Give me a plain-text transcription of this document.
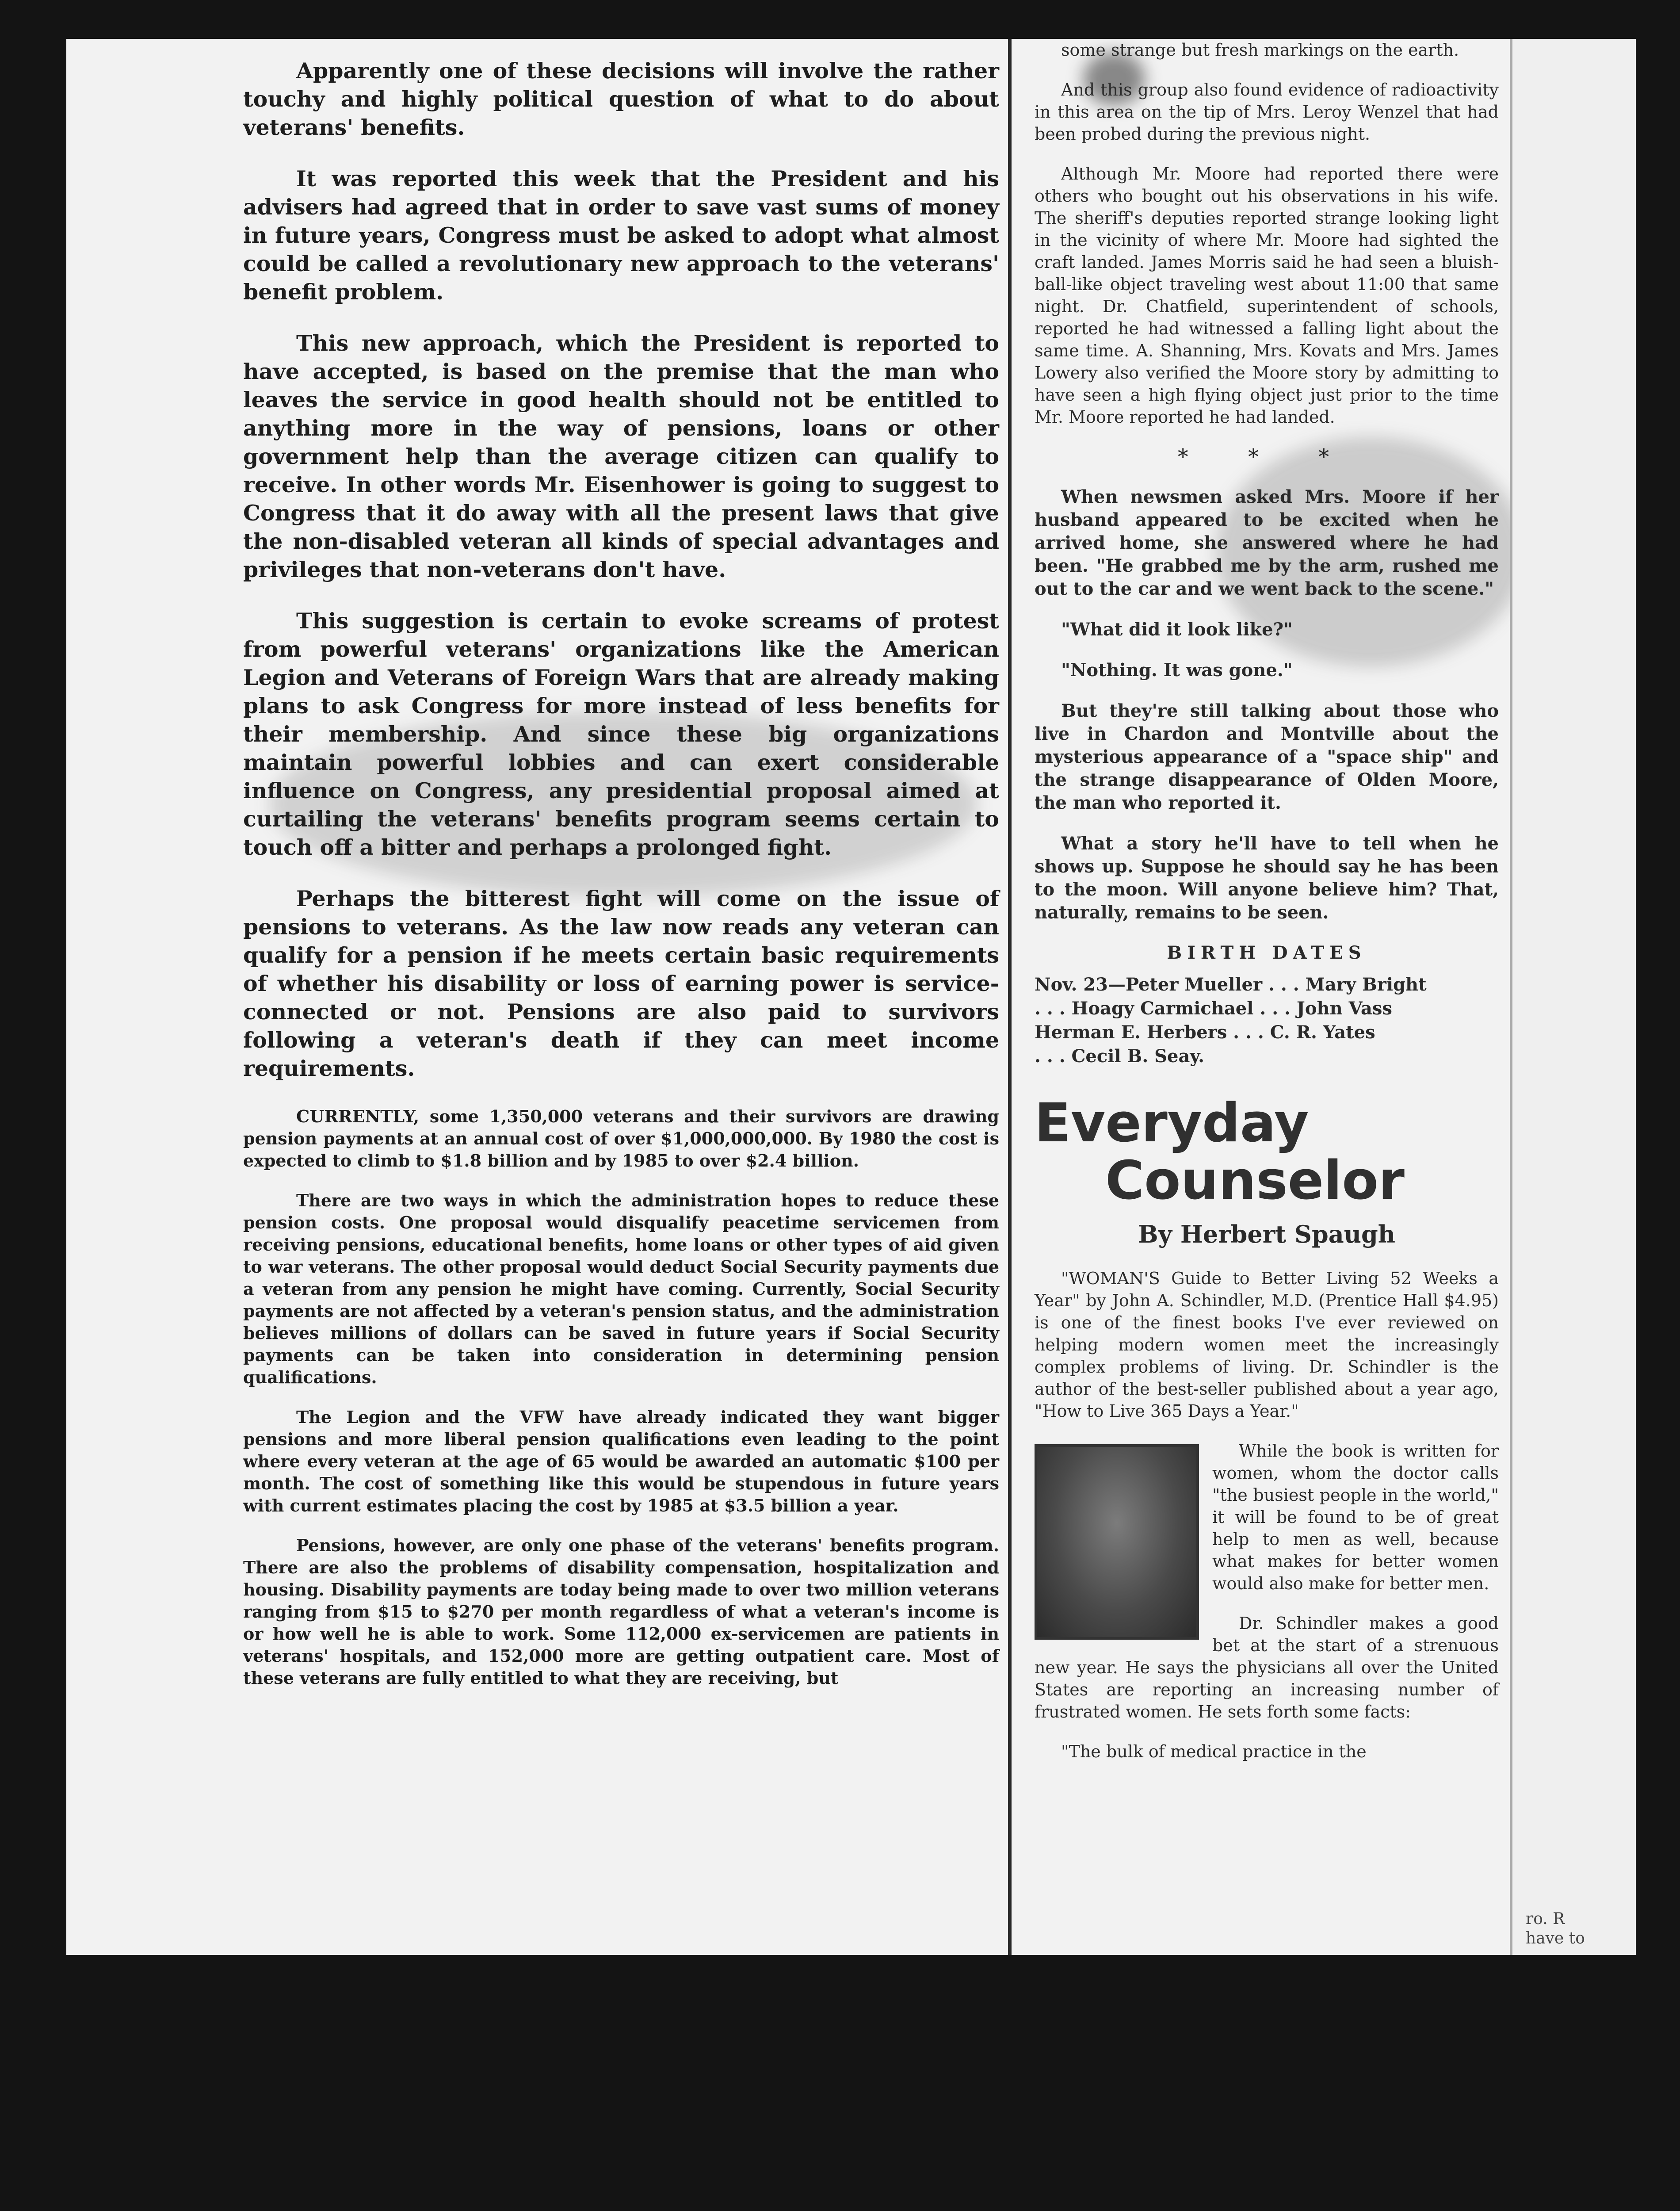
Apparently one of these decisions will involve the rather touchy and highly political question of what to do about veterans' benefits.

It was reported this week that the President and his advisers had agreed that in order to save vast sums of money in future years, Congress must be asked to adopt what almost could be called a revolutionary new approach to the veterans' benefit problem.

This new approach, which the President is reported to have accepted, is based on the premise that the man who leaves the service in good health should not be entitled to anything more in the way of pensions, loans or other government help than the average citizen can qualify to receive. In other words Mr. Eisenhower is going to suggest to Congress that it do away with all the present laws that give the non-disabled veteran all kinds of special advantages and privileges that non-veterans don't have.

This suggestion is certain to evoke screams of protest from powerful veterans' organizations like the American Legion and Veterans of Foreign Wars that are already making plans to ask Congress for more instead of less benefits for their membership. And since these big organizations maintain powerful lobbies and can exert considerable influence on Congress, any presidential proposal aimed at curtailing the veterans' benefits program seems certain to touch off a bitter and perhaps a prolonged fight.

Perhaps the bitterest fight will come on the issue of pensions to veterans. As the law now reads any veteran can qualify for a pension if he meets certain basic requirements of whether his disability or loss of earning power is service-connected or not. Pensions are also paid to survivors following a veteran's death if they can meet income requirements.

CURRENTLY, some 1,350,000 veterans and their survivors are drawing pension payments at an annual cost of over $1,000,000,000. By 1980 the cost is expected to climb to $1.8 billion and by 1985 to over $2.4 billion.

There are two ways in which the administration hopes to reduce these pension costs. One proposal would disqualify peacetime servicemen from receiving pensions, educational benefits, home loans or other types of aid given to war veterans. The other proposal would deduct Social Security payments due a veteran from any pension he might have coming. Currently, Social Security payments are not affected by a veteran's pension status, and the administration believes millions of dollars can be saved in future years if Social Security payments can be taken into consideration in determining pension qualifications.

The Legion and the VFW have already indicated they want bigger pensions and more liberal pension qualifications even leading to the point where every veteran at the age of 65 would be awarded an automatic $100 per month. The cost of something like this would be stupendous in future years with current estimates placing the cost by 1985 at $3.5 billion a year.

Pensions, however, are only one phase of the veterans' benefits program. There are also the problems of disability compensation, hospitalization and housing. Disability payments are today being made to over two million veterans ranging from $15 to $270 per month regardless of what a veteran's income is or how well he is able to work. Some 112,000 ex-servicemen are patients in veterans' hospitals, and 152,000 more are getting outpatient care. Most of these veterans are fully entitled to what they are receiving, but

some strange but fresh markings on the earth.

And this group also found evidence of radioactivity in this area on the tip of Mrs. Leroy Wenzel that had been probed during the previous night.

Although Mr. Moore had reported there were others who bought out his observations in his wife. The sheriff's deputies reported strange looking light in the vicinity of where Mr. Moore had sighted the craft landed. James Morris said he had seen a bluish-ball-like object traveling west about 11:00 that same night. Dr. Chatfield, superintendent of schools, reported he had witnessed a falling light about the same time. A. Shanning, Mrs. Kovats and Mrs. James Lowery also verified the Moore story by admitting to have seen a high flying object just prior to the time Mr. Moore reported he had landed.

* * *

When newsmen asked Mrs. Moore if her husband appeared to be excited when he arrived home, she answered where he had been. "He grabbed me by the arm, rushed me out to the car and we went back to the scene."

"What did it look like?"

"Nothing. It was gone."

But they're still talking about those who live in Chardon and Montville about the mysterious appearance of a "space ship" and the strange disappearance of Olden Moore, the man who reported it.

What a story he'll have to tell when he shows up. Suppose he should say he has been to the moon. Will anyone believe him? That, naturally, remains to be seen.

BIRTH DATES

Nov. 23—Peter Mueller . . . Mary Bright

. . . Hoagy Carmichael . . . John Vass

Herman E. Herbers . . . C. R. Yates

. . . Cecil B. Seay.

Everyday
Counselor
By Herbert Spaugh

"WOMAN'S Guide to Better Living 52 Weeks a Year" by John A. Schindler, M.D. (Prentice Hall $4.95) is one of the finest books I've ever reviewed on helping modern women meet the increasingly complex problems of living. Dr. Schindler is the author of the best-seller published about a year ago, "How to Live 365 Days a Year."

While the book is written for women, whom the doctor calls "the busiest people in the world," it will be found to be of great help to men as well, because what makes for better women would also make for better men.

Dr. Schindler makes a good bet at the start of a strenuous new year. He says the physicians all over the United States are reporting an increasing number of frustrated women. He sets forth some facts:

"The bulk of medical practice in the

ro. R
have to
